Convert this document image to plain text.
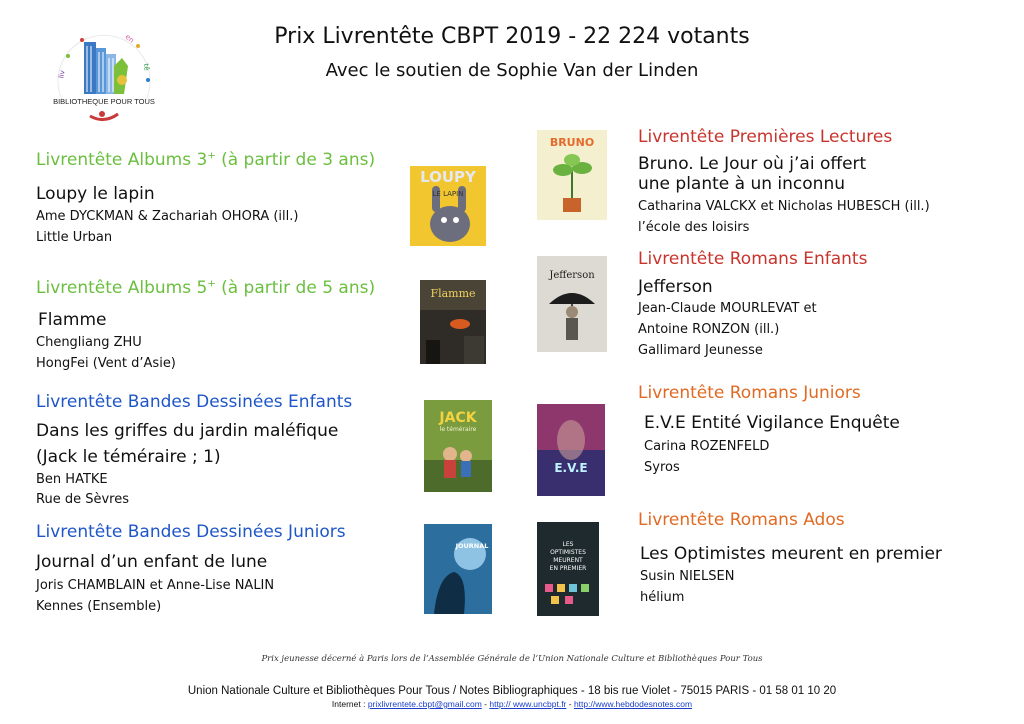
Prix Livrentête CBPT 2019 - 22 224 votants
Avec le soutien de Sophie Van der Linden
liv
en
tê
BIBLIOTHEQUE POUR TOUS
Livrentête Albums 3+ (à partir de 3 ans)
Loupy le lapin
Ame DYCKMAN & Zachariah OHORA (ill.)
Little Urban
Livrentête Albums 5+ (à partir de 5 ans)
Flamme
Chengliang ZHU
HongFei (Vent d’Asie)
Livrentête Bandes Dessinées Enfants
Dans les griffes du jardin maléfique
(Jack le téméraire ; 1)
Ben HATKE
Rue de Sèvres
Livrentête Bandes Dessinées Juniors
Journal d’un enfant de lune
Joris CHAMBLAIN et Anne-Lise NALIN
Kennes (Ensemble)
LOUPY
LE LAPIN
Flamme
JACK
le téméraire
JOURNAL
BRUNO
Jefferson
E.V.E
LES
OPTIMISTES
MEURENT
EN PREMIER
Livrentête Premières Lectures
Bruno. Le Jour où j’ai offert
une plante à un inconnu
Catharina VALCKX et Nicholas HUBESCH (ill.)
l’école des loisirs
Livrentête Romans Enfants
Jefferson
Jean-Claude MOURLEVAT et
Antoine RONZON (ill.)
Gallimard Jeunesse
Livrentête Romans Juniors
E.V.E Entité Vigilance Enquête
Carina ROZENFELD
Syros
Livrentête Romans Ados
Les Optimistes meurent en premier
Susin NIELSEN
hélium
Prix jeunesse décerné à Paris lors de l’Assemblée Générale de l’Union Nationale Culture et Bibliothèques Pour Tous
Union Nationale Culture et Bibliothèques Pour Tous / Notes Bibliographiques - 18 bis rue Violet - 75015 PARIS - 01 58 01 10 20
Internet : prixlivrentete.cbpt@gmail.com - http:// www.uncbpt.fr - http://www.hebdodesnotes.com
